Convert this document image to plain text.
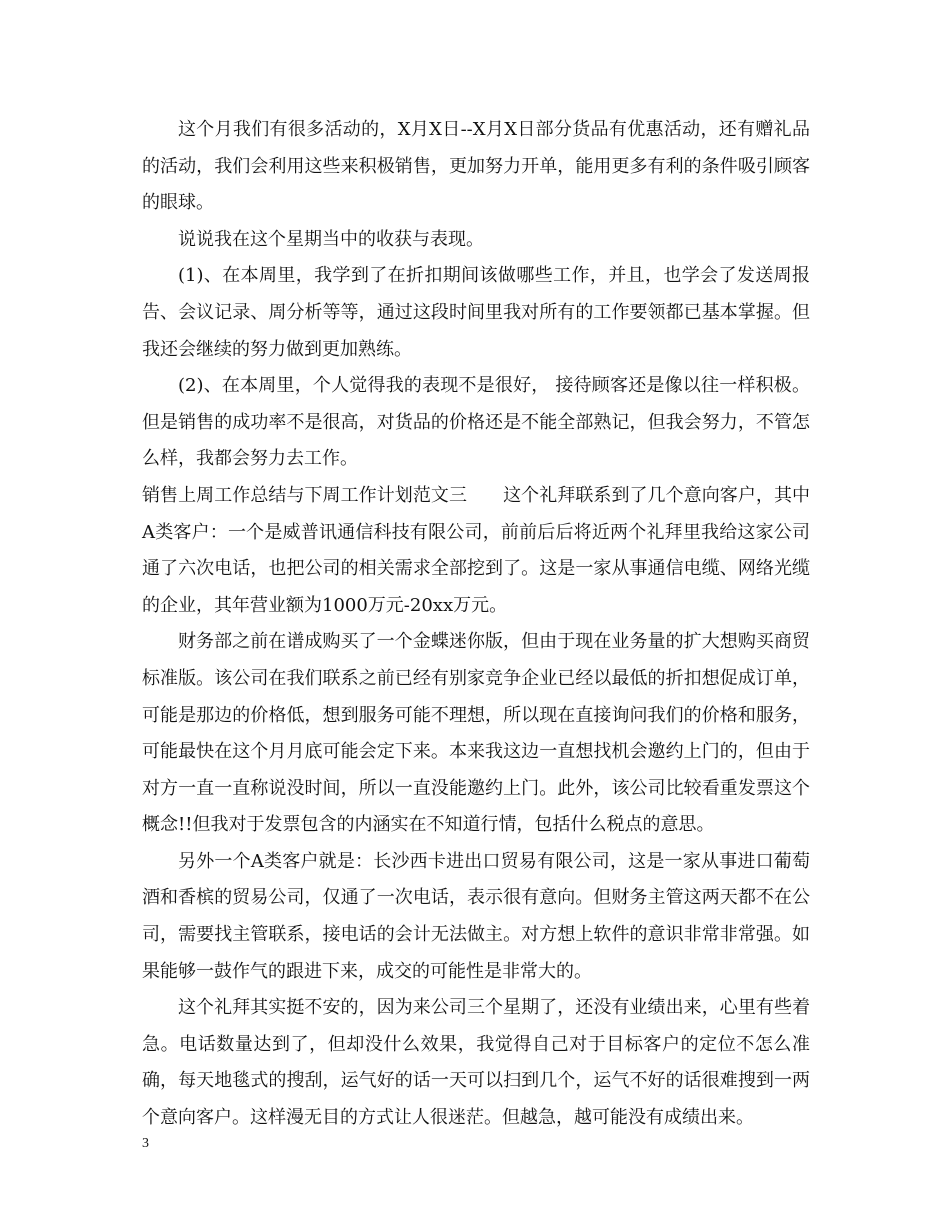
这个月我们有很多活动的，X月X日--X月X日部分货品有优惠活动，还有赠礼品的活动，我们会利用这些来积极销售，更加努力开单，能用更多有利的条件吸引顾客的眼球。

说说我在这个星期当中的收获与表现。

(1)、在本周里，我学到了在折扣期间该做哪些工作，并且，也学会了发送周报告、会议记录、周分析等等，通过这段时间里我对所有的工作要领都已基本掌握。但我还会继续的努力做到更加熟练。

(2)、在本周里，个人觉得我的表现不是很好， 接待顾客还是像以往一样积极。但是销售的成功率不是很高，对货品的价格还是不能全部熟记，但我会努力，不管怎么样，我都会努力去工作。

销售上周工作总结与下周工作计划范文三　　这个礼拜联系到了几个意向客户，其中A类客户：一个是威普讯通信科技有限公司，前前后后将近两个礼拜里我给这家公司通了六次电话，也把公司的相关需求全部挖到了。这是一家从事通信电缆、网络光缆的企业，其年营业额为1000万元-20xx万元。

财务部之前在谱成购买了一个金蝶迷你版，但由于现在业务量的扩大想购买商贸标准版。该公司在我们联系之前已经有别家竞争企业已经以最低的折扣想促成订单，可能是那边的价格低，想到服务可能不理想，所以现在直接询问我们的价格和服务，可能最快在这个月月底可能会定下来。本来我这边一直想找机会邀约上门的，但由于对方一直一直称说没时间，所以一直没能邀约上门。此外，该公司比较看重发票这个概念!!但我对于发票包含的内涵实在不知道行情，包括什么税点的意思。

另外一个A类客户就是：长沙西卡进出口贸易有限公司，这是一家从事进口葡萄酒和香槟的贸易公司，仅通了一次电话，表示很有意向。但财务主管这两天都不在公司，需要找主管联系，接电话的会计无法做主。对方想上软件的意识非常非常强。如果能够一鼓作气的跟进下来，成交的可能性是非常大的。

这个礼拜其实挺不安的，因为来公司三个星期了，还没有业绩出来，心里有些着急。电话数量达到了，但却没什么效果，我觉得自己对于目标客户的定位不怎么准确，每天地毯式的搜刮，运气好的话一天可以扫到几个，运气不好的话很难搜到一两个意向客户。这样漫无目的方式让人很迷茫。但越急，越可能没有成绩出来。

3
